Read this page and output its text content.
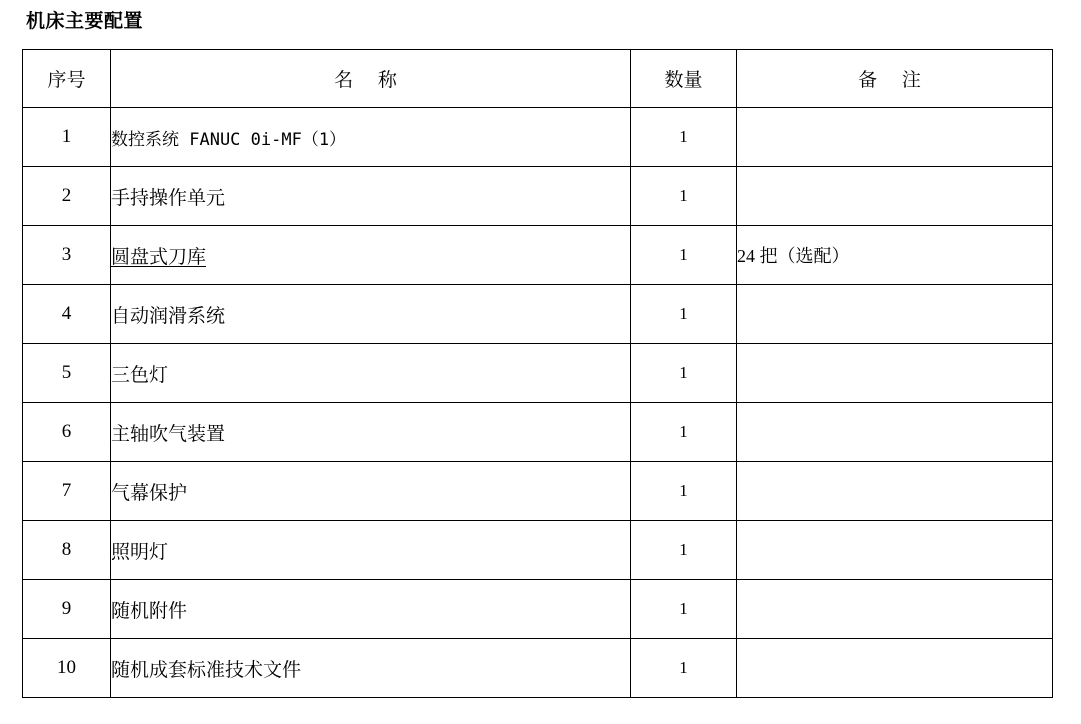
机床主要配置
序号	名 称	数量	备 注
1	数控系统 FANUC 0i-MF（1）	1	
2	手持操作单元	1	
3	圆盘式刀库	1	24 把（选配）
4	自动润滑系统	1	
5	三色灯	1	
6	主轴吹气装置	1	
7	气幕保护	1	
8	照明灯	1	
9	随机附件	1	
10	随机成套标准技术文件	1	
